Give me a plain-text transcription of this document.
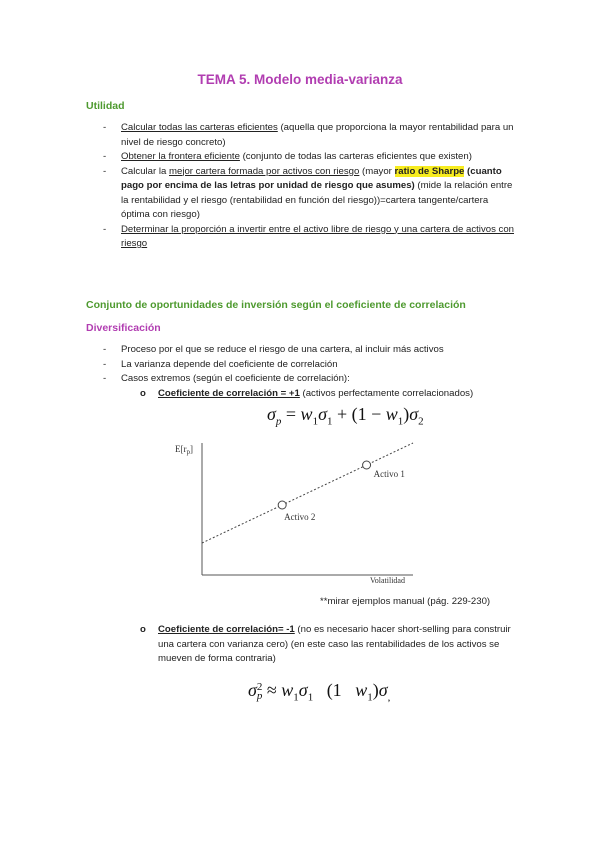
TEMA 5. Modelo media-varianza
Utilidad
- Calcular todas las carteras eficientes (aquella que proporciona la mayor rentabilidad para un nivel de riesgo concreto)
- Obtener la frontera eficiente (conjunto de todas las carteras eficientes que existen)
- Calcular la mejor cartera formada por activos con riesgo (mayor ratio de Sharpe (cuanto pago por encima de las letras por unidad de riesgo que asumes) (mide la relación entre la rentabilidad y el riesgo (rentabilidad en función del riesgo))=cartera tangente/cartera óptima con riesgo)
- Determinar la proporción a invertir entre el activo libre de riesgo y una cartera de activos con riesgo
Conjunto de oportunidades de inversión según el coeficiente de correlación
Diversificación
- Proceso por el que se reduce el riesgo de una cartera, al incluir más activos
- La varianza depende del coeficiente de correlación
- Casos extremos (según el coeficiente de correlación):
o	Coeficiente de correlación = +1 (activos perfectamente correlacionados)
$\sigma_p = w_1\sigma_1 + (1 - w_1)\sigma_2$
$E[r_p]$
Volatilidad
Activo 2
Activo 1
**mirar ejemplos manual (pág. 229-230)
o	Coeficiente de correlación= -1 (no es necesario hacer short-selling para construir una cartera con varianza cero) (en este caso las rentabilidades de los activos se mueven de forma contraria)
σ 2
$p \approx w_1\sigma_1$   (1   $w_1)\sigma_,$
